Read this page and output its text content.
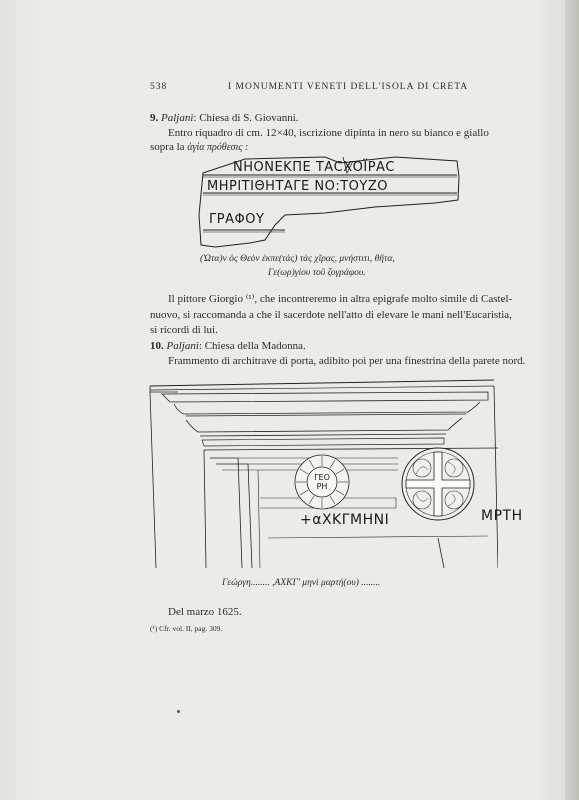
538	I MONUMENTI VENETI DELL'ISOLA DI CRETA
9. Paljanì: Chiesa di S. Giovanni.
Entro riquadro di cm. 12×40, iscrizione dipinta in nero su bianco e giallo
sopra la ἁγία πρόθεσις :
ΝΗΟΝΕΚΠΕ ΤΑСΧΟΪΡΑС
ΜΗΡΙΤΙΘΗΤΑΓΕ ΝΟ:ΤΟΥΖΟ
ΓΡΑΦΟΥ
(Ὠτα)ν ὁς Θεὸν ἐκπε(τάς) τὰς χῖρας, μνήστιτι, θῆτα,
Γε(ωρ)γίου τοῦ ζογράφου.
Il pittore Giorgio ⁽¹⁾, che incontreremo in altra epigrafe molto simile di Castel-
nuovo, si raccomanda a che il sacerdote nell'atto di elevare le mani nell'Eucaristia,
si ricordi di lui.
10. Paljanì: Chiesa della Madonna.
Frammento di architrave di porta, adibito poi per una finestrina della parete nord.
ΓΕΟ
ΡΗ
+αΧΚΓΜΗΝΙ	ΜΡΤΗ
Γεώργη........ ,ΑΧΚΓ' μηνὶ μαρτή(ου) ........
Del marzo 1625.
(¹) Cfr. vol. II, pag. 309.
